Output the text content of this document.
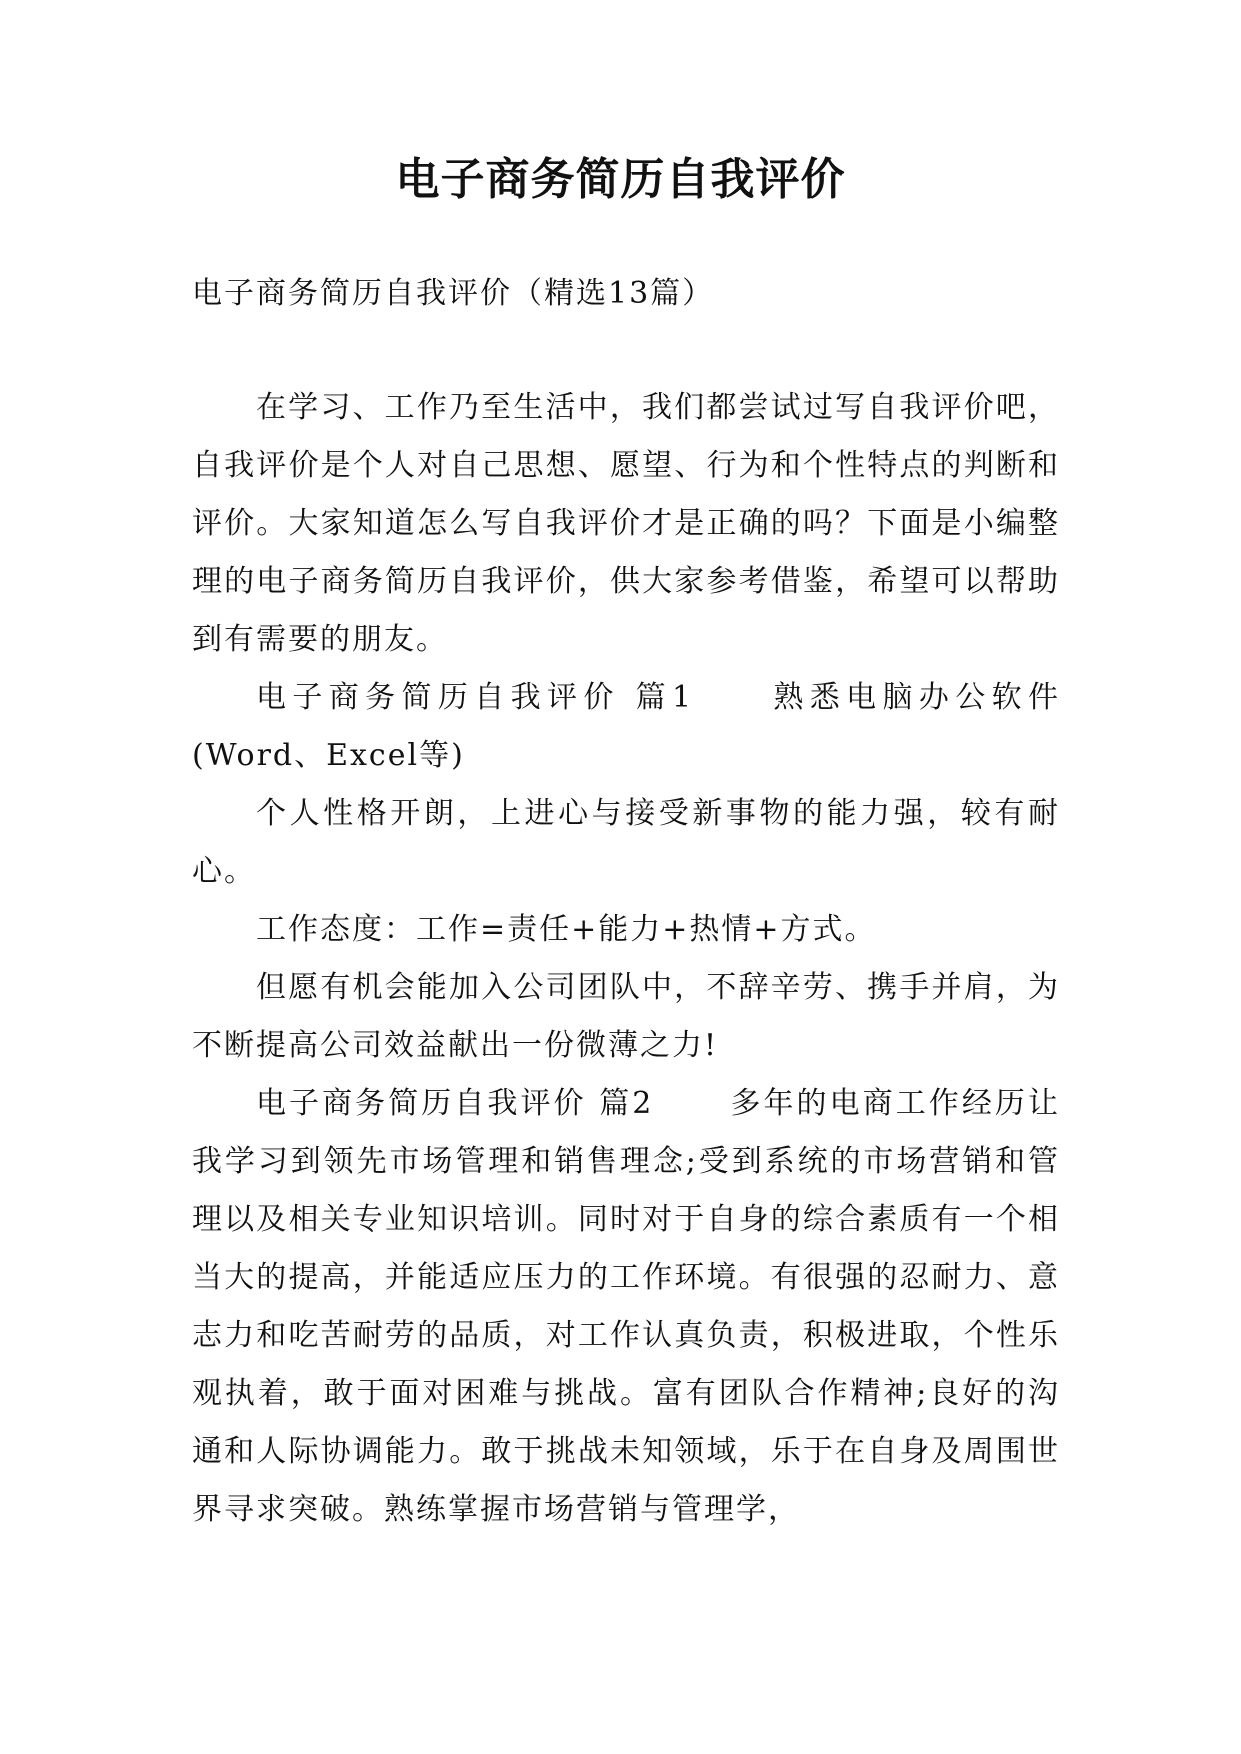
电子商务简历自我评价

电子商务简历自我评价（精选13篇）

在学习、工作乃至生活中，我们都尝试过写自我评价吧，自我评价是个人对自己思想、愿望、行为和个性特点的判断和评价。大家知道怎么写自我评价才是正确的吗？下面是小编整理的电子商务简历自我评价，供大家参考借鉴，希望可以帮助到有需要的朋友。

电子商务简历自我评价 篇1	熟悉电脑办公软件(Word、Excel等)

个人性格开朗，上进心与接受新事物的能力强，较有耐心。

工作态度：工作=责任+能力+热情+方式。

但愿有机会能加入公司团队中，不辞辛劳、携手并肩，为不断提高公司效益献出一份微薄之力!

电子商务简历自我评价 篇2	多年的电商工作经历让我学习到领先市场管理和销售理念;受到系统的市场营销和管理以及相关专业知识培训。同时对于自身的综合素质有一个相当大的提高，并能适应压力的工作环境。有很强的忍耐力、意志力和吃苦耐劳的品质，对工作认真负责，积极进取，个性乐观执着，敢于面对困难与挑战。富有团队合作精神;良好的沟通和人际协调能力。敢于挑战未知领域，乐于在自身及周围世界寻求突破。熟练掌握市场营销与管理学，
